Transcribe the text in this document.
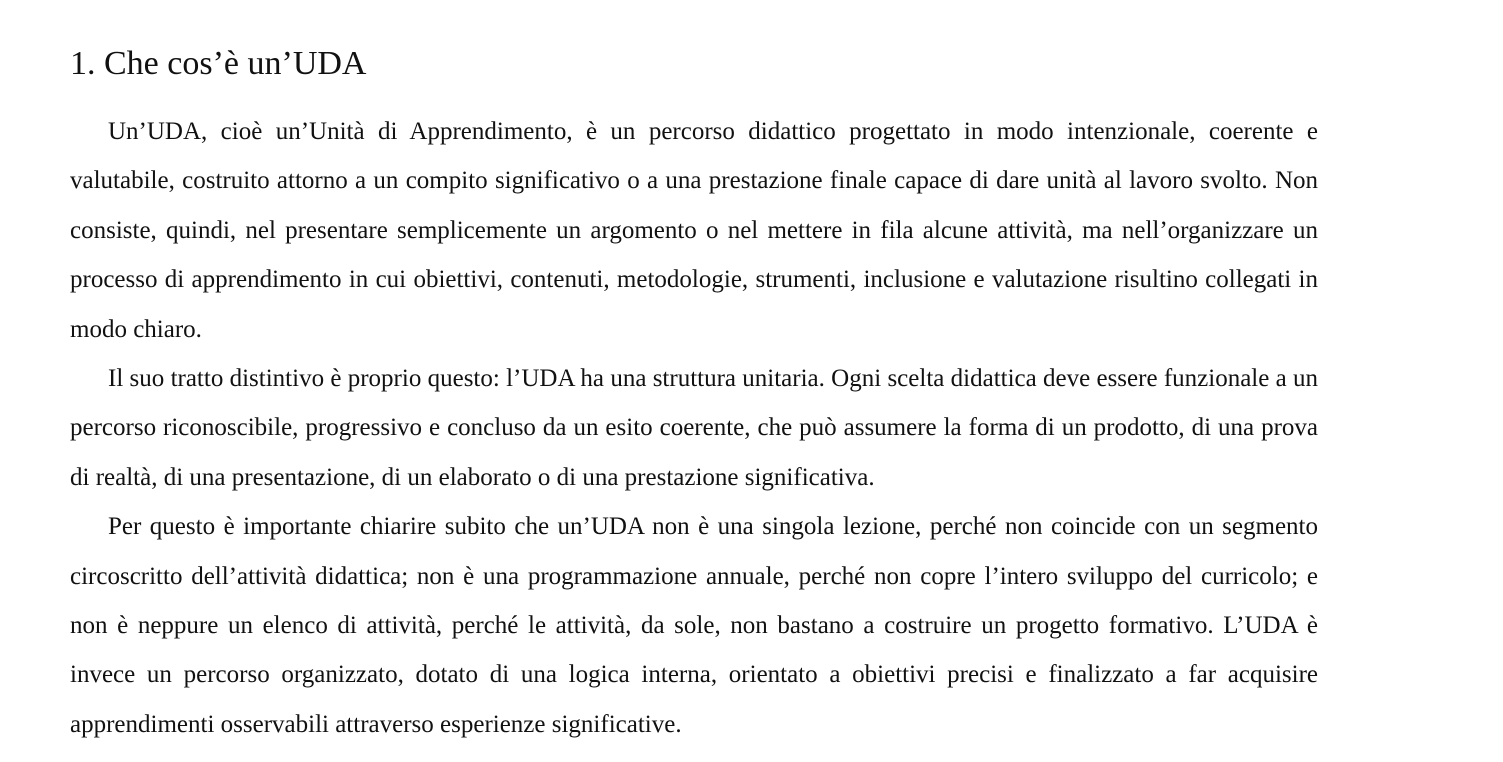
1. Che cos’è un’UDA

Un’UDA, cioè un’Unità di Apprendimento, è un percorso didattico progettato in modo intenzionale, coerente e valutabile, costruito attorno a un compito significativo o a una prestazione finale capace di dare unità al lavoro svolto. Non consiste, quindi, nel presentare semplicemente un argomento o nel mettere in fila alcune attività, ma nell’organizzare un processo di apprendimento in cui obiettivi, contenuti, metodologie, strumenti, inclusione e valutazione risultino collegati in modo chiaro.

Il suo tratto distintivo è proprio questo: l’UDA ha una struttura unitaria. Ogni scelta didattica deve essere funzionale a un percorso riconoscibile, progressivo e concluso da un esito coerente, che può assumere la forma di un prodotto, di una prova di realtà, di una presentazione, di un elaborato o di una prestazione significativa.

Per questo è importante chiarire subito che un’UDA non è una singola lezione, perché non coincide con un segmento circoscritto dell’attività didattica; non è una programmazione annuale, perché non copre l’intero sviluppo del curricolo; e non è neppure un elenco di attività, perché le attività, da sole, non bastano a costruire un progetto formativo. L’UDA è invece un percorso organizzato, dotato di una logica interna, orientato a obiettivi precisi e finalizzato a far acquisire apprendimenti osservabili attraverso esperienze significative.
